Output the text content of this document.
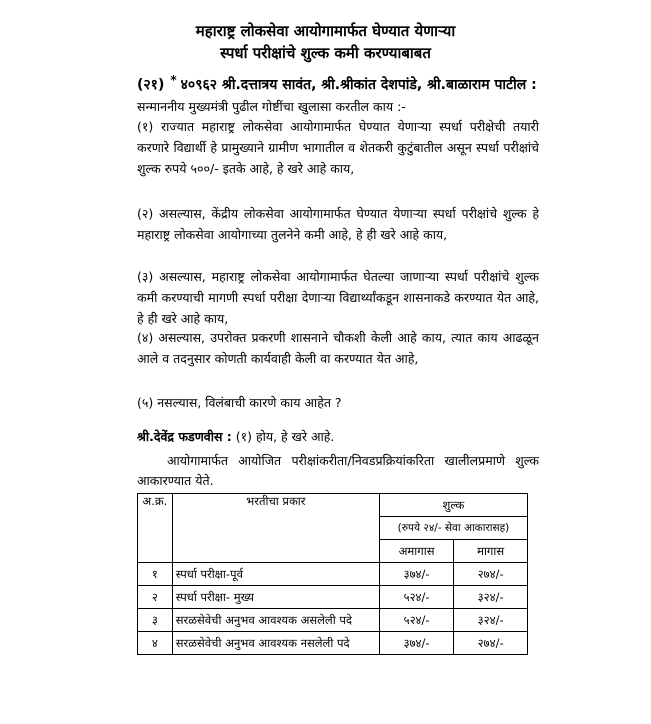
महाराष्ट्र लोकसेवा आयोगामार्फत घेण्यात येणाऱ्या
स्पर्धा परीक्षांचे शुल्क कमी करण्याबाबत
(२१) * ४०९६२ श्री.दत्तात्रय सावंत, श्री.श्रीकांत देशपांडे, श्री.बाळाराम पाटील :
सन्माननीय मुख्यमंत्री पुढील गोष्टींचा खुलासा करतील काय :-
(१) राज्यात महाराष्ट्र लोकसेवा आयोगामार्फत घेण्यात येणाऱ्या स्पर्धा परीक्षेची तयारी करणारे विद्यार्थी हे प्रामुख्याने ग्रामीण भागातील व शेतकरी कुटुंबातील असून स्पर्धा परीक्षांचे शुल्क रुपये ५००/- इतके आहे, हे खरे आहे काय,
(२) असल्यास, केंद्रीय लोकसेवा आयोगामार्फत घेण्यात येणाऱ्या स्पर्धा परीक्षांचे शुल्क हे महाराष्ट्र लोकसेवा आयोगाच्या तुलनेने कमी आहे, हे ही खरे आहे काय,
(३) असल्यास, महाराष्ट्र लोकसेवा आयोगामार्फत घेतल्या जाणाऱ्या स्पर्धा परीक्षांचे शुल्क कमी करण्याची मागणी स्पर्धा परीक्षा देणाऱ्या विद्यार्थ्यांकडून शासनाकडे करण्यात येत आहे, हे ही खरे आहे काय,
(४) असल्यास, उपरोक्त प्रकरणी शासनाने चौकशी केली आहे काय, त्यात काय आढळून आले व तदनुसार कोणती कार्यवाही केली वा करण्यात येत आहे,
(५) नसल्यास, विलंबाची कारणे काय आहेत ?
श्री.देवेंद्र फडणवीस : (१) होय, हे खरे आहे.
आयोगामार्फत आयोजित परीक्षांकरीता/निवडप्रक्रियांकरिता खालीलप्रमाणे शुल्क आकारण्यात येते.
अ.क्र.	भरतीचा प्रकार	शुल्क	
		(रुपये २४/- सेवा आकारासह)	
		अमागास	मागास
१	स्पर्धा परीक्षा-पूर्व	३७४/-	२७४/-
२	स्पर्धा परीक्षा- मुख्य	५२४/-	३२४/-
३	सरळसेवेची अनुभव आवश्यक असलेली पदे	५२४/-	३२४/-
४	सरळसेवेची अनुभव आवश्यक नसलेली पदे	३७४/-	२७४/-
